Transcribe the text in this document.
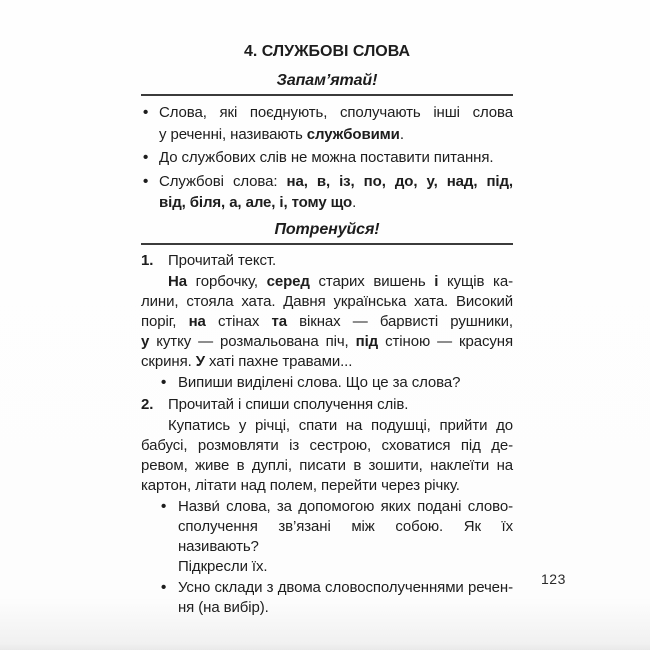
4. СЛУЖБОВІ СЛОВА
Запам’ятай!
• Слова, які поєднують, сполучають інші слова
у реченні, називають службовими.
• До службових слів не можна поставити питання.
• Службові слова: на, в, із, по, до, у, над, під,
від, біля, а, але, і, тому що.
Потренуйся!
1. Прочитай текст.
На горбочку, серед старих вишень і кущів ка-
лини, стояла хата. Давня українська хата. Високий
поріг, на стінах та вікнах — барвисті рушники,
у кутку — розмальована піч, під стіною — красуня
скриня. У хаті пахне травами...
• Випиши виділені слова. Що це за слова?
2. Прочитай і спиши сполучення слів.
Купатись у річці, спати на подушці, прийти до
бабусі, розмовляти із сестрою, сховатися під де-
ревом, живе в дуплі, писати в зошити, наклеїти на
картон, літати над полем, перейти через річку.
• Назви́ слова, за допомогою яких подані слово-
сполучення зв’язані між собою. Як їх називають?
Підкресли їх.
• Усно склади з двома словосполученнями речен-
ня (на вибір).
123
